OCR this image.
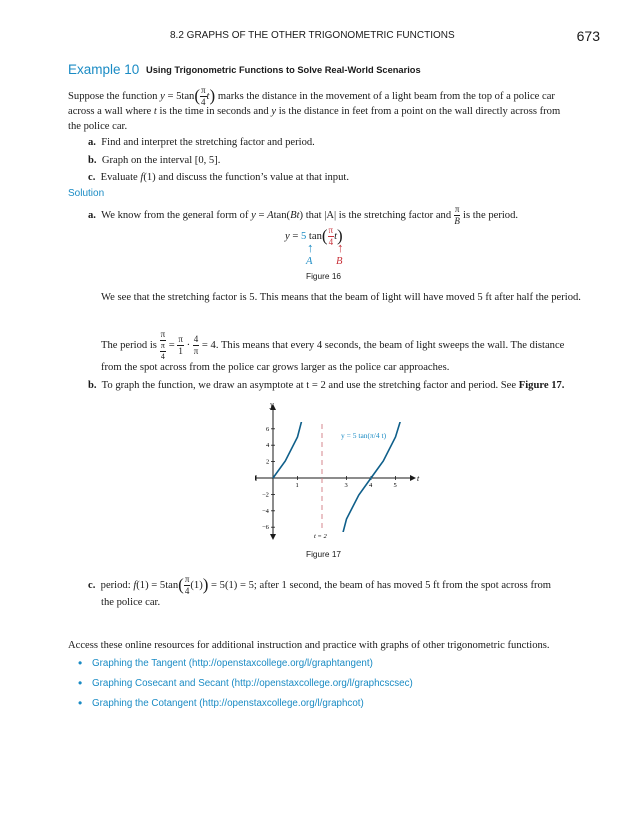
8.2 GRAPHS OF THE OTHER TRIGONOMETRIC FUNCTIONS	673
Example 10 Using Trigonometric Functions to Solve Real-World Scenarios
Suppose the function $y = 5\tan( \frac{\pi}{4} t)$ marks the distance in the movement of a light beam from the top of a police car
across a wall where t is the time in seconds and y is the distance in feet from a point on the wall directly across from
the police car.
a. Find and interpret the stretching factor and period.
b. Graph on the interval [0, 5].
c. Evaluate f(1) and discuss the function’s value at that input.
Solution
a. We know from the general form of y = Atan(Bt) that |A| is the stretching factor and $\frac{\pi}{B}$ is the period.
y = 5 $\tan( \frac{\pi}{4} t)$
↑ ↑
A B
Figure 16
We see that the stretching factor is 5. This means that the beam of light will have moved 5 ft after half the period.
The period is $\frac{\pi}{\frac{\pi}{4}} = \frac{\pi}{1} \cdot \frac{4}{\pi} = 4$. This means that every 4 seconds, the beam of light sweeps the wall. The distance
from the spot across from the police car grows larger as the police car approaches.
b. To graph the function, we draw an asymptote at t = 2 and use the stretching factor and period. See Figure 17.
y
t
1	3	4	5
−6
−4
−2
2
4
6
t = 2
y = 5 tan(π/4 t)
Figure 17
c. period: $f(1) = 5\tan( \frac{\pi}{4} (1)) = 5(1) = 5$; after 1 second, the beam of has moved 5 ft from the spot across from
the police car.
Access these online resources for additional instruction and practice with graphs of other trigonometric functions.
• Graphing the Tangent (http://openstaxcollege.org/l/graphtangent)
• Graphing Cosecant and Secant (http://openstaxcollege.org/l/graphcscsec)
• Graphing the Cotangent (http://openstaxcollege.org/l/graphcot)
